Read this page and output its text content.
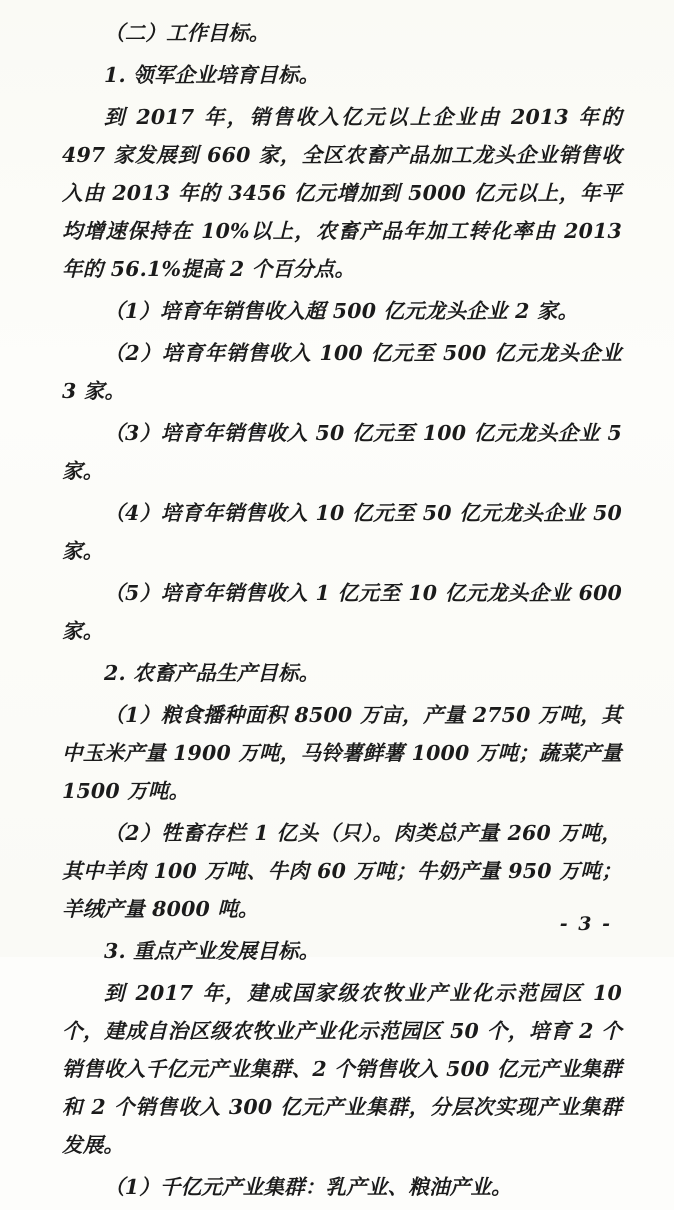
（二）工作目标。

1. 领军企业培育目标。

到 2017 年，销售收入亿元以上企业由 2013 年的 497 家发展到 660 家，全区农畜产品加工龙头企业销售收入由 2013 年的 3456 亿元增加到 5000 亿元以上，年平均增速保持在 10%以上，农畜产品年加工转化率由 2013 年的 56.1%提高 2 个百分点。

（1）培育年销售收入超 500 亿元龙头企业 2 家。

（2）培育年销售收入 100 亿元至 500 亿元龙头企业 3 家。

（3）培育年销售收入 50 亿元至 100 亿元龙头企业 5 家。

（4）培育年销售收入 10 亿元至 50 亿元龙头企业 50 家。

（5）培育年销售收入 1 亿元至 10 亿元龙头企业 600 家。

2. 农畜产品生产目标。

（1）粮食播种面积 8500 万亩，产量 2750 万吨，其中玉米产量 1900 万吨，马铃薯鲜薯 1000 万吨；蔬菜产量 1500 万吨。

（2）牲畜存栏 1 亿头（只）。肉类总产量 260 万吨，其中羊肉 100 万吨、牛肉 60 万吨；牛奶产量 950 万吨；羊绒产量 8000 吨。

3. 重点产业发展目标。

到 2017 年，建成国家级农牧业产业化示范园区 10 个，建成自治区级农牧业产业化示范园区 50 个，培育 2 个销售收入千亿元产业集群、2 个销售收入 500 亿元产业集群和 2 个销售收入 300 亿元产业集群，分层次实现产业集群发展。

（1）千亿元产业集群：乳产业、粮油产业。

- 3 -
